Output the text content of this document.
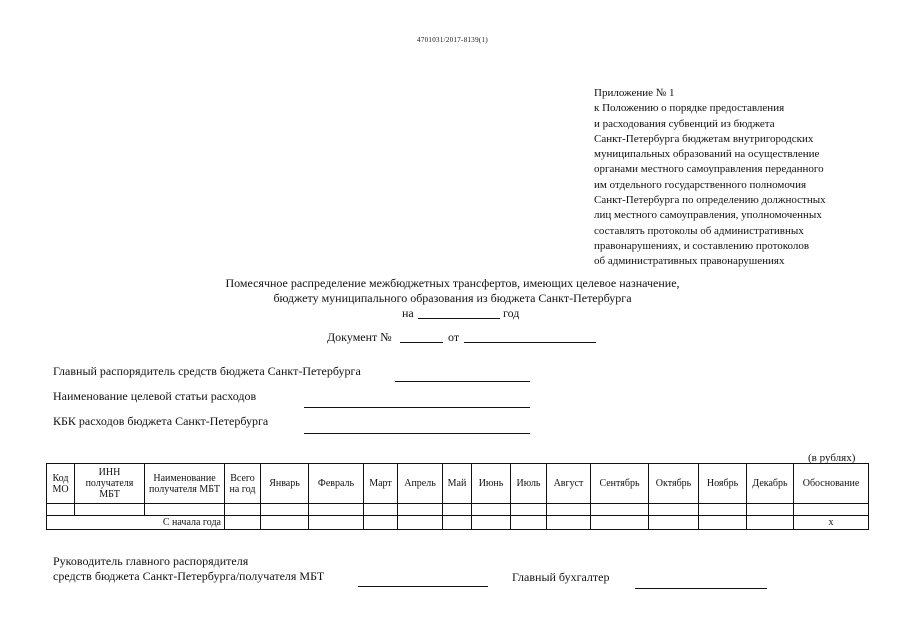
4701031/2017-8139(1)
Приложение № 1
к Положению о порядке предоставления
и расходования субвенций из бюджета
Санкт-Петербурга бюджетам внутригородских
муниципальных образований на осуществление
органами местного самоуправления переданного
им отдельного государственного полномочия
Санкт-Петербурга по определению должностных
лиц местного самоуправления, уполномоченных
составлять протоколы об административных
правонарушениях, и составлению протоколов
об административных правонарушениях
Помесячное распределение межбюджетных трансфертов, имеющих целевое назначение,
бюджету муниципального образования из бюджета Санкт-Петербурга
на	год
Документ №	от
Главный распорядитель средств бюджета Санкт-Петербурга
Наименование целевой статьи расходов
КБК расходов бюджета Санкт-Петербурга
(в рублях)
Код МО	ИНН получателя МБТ	Наименование получателя МБТ	Всего на год	Январь	Февраль	Март	Апрель	Май	Июнь	Июль	Август	Сентябрь	Октябрь	Ноябрь	Декабрь	Обоснование

С начала года																х
Руководитель главного распорядителя
средств бюджета Санкт-Петербурга/получателя МБТ	Главный бухгалтер
